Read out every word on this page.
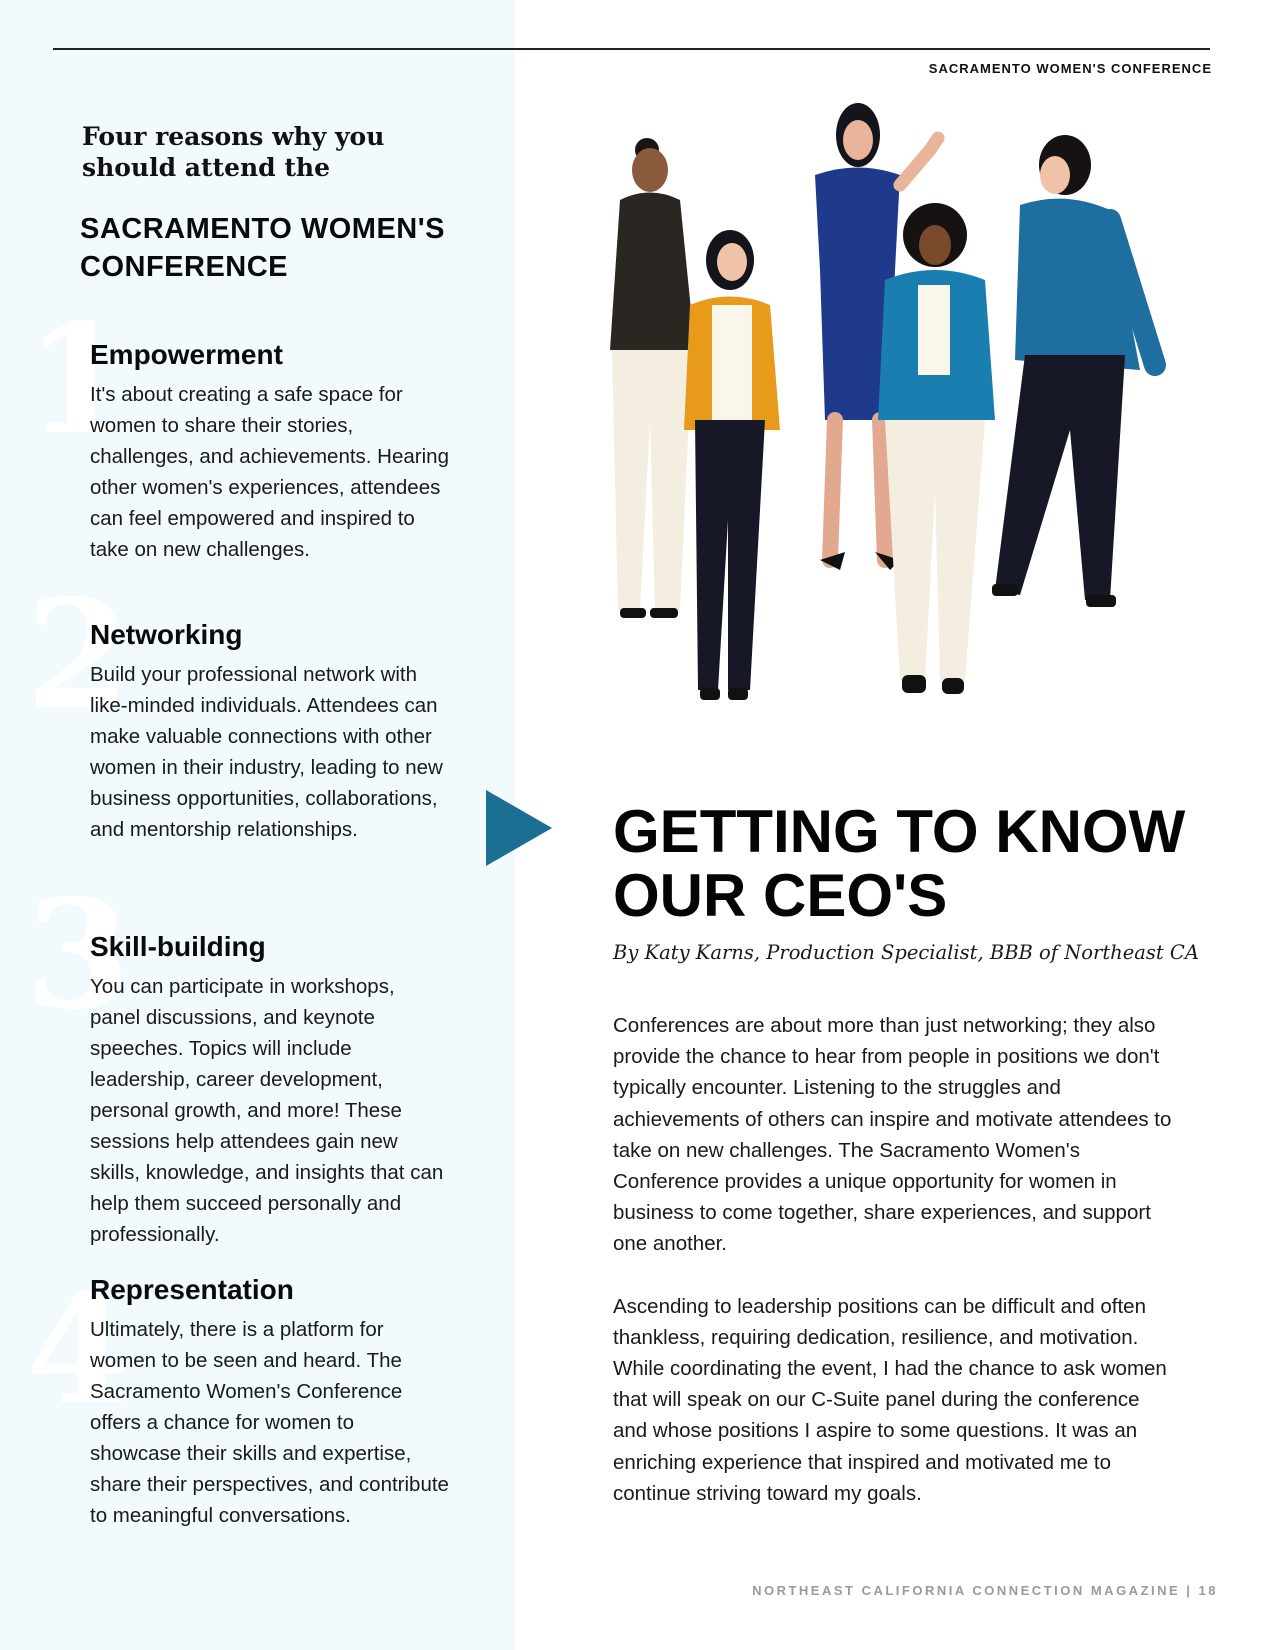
SACRAMENTO WOMEN'S CONFERENCE
Four reasons why you should attend the
SACRAMENTO WOMEN'S CONFERENCE
1
2
3
4
Empowerment

It's about creating a safe space for women to share their stories, challenges, and achievements. Hearing other women's experiences, attendees can feel empowered and inspired to take on new challenges.

Networking

Build your professional network with like-minded individuals. Attendees can make valuable connections with other women in their industry, leading to new business opportunities, collaborations, and mentorship relationships.

Skill-building

You can participate in workshops, panel discussions, and keynote speeches. Topics will include leadership, career development, personal growth, and more! These sessions help attendees gain new skills, knowledge, and insights that can help them succeed personally and professionally.

Representation

Ultimately, there is a platform for women to be seen and heard. The Sacramento Women's Conference offers a chance for women to showcase their skills and expertise, share their perspectives, and contribute to meaningful conversations.

GETTING TO KNOW OUR CEO'S
By Katy Karns, Production Specialist, BBB of Northeast CA

Conferences are about more than just networking; they also provide the chance to hear from people in positions we don't typically encounter. Listening to the struggles and achievements of others can inspire and motivate attendees to take on new challenges. The Sacramento Women's Conference provides a unique opportunity for women in business to come together, share experiences, and support one another.

Ascending to leadership positions can be difficult and often thankless, requiring dedication, resilience, and motivation. While coordinating the event, I had the chance to ask women that will speak on our C-Suite panel during the conference and whose positions I aspire to some questions. It was an enriching experience that inspired and motivated me to continue striving toward my goals.

NORTHEAST CALIFORNIA CONNECTION MAGAZINE | 18
